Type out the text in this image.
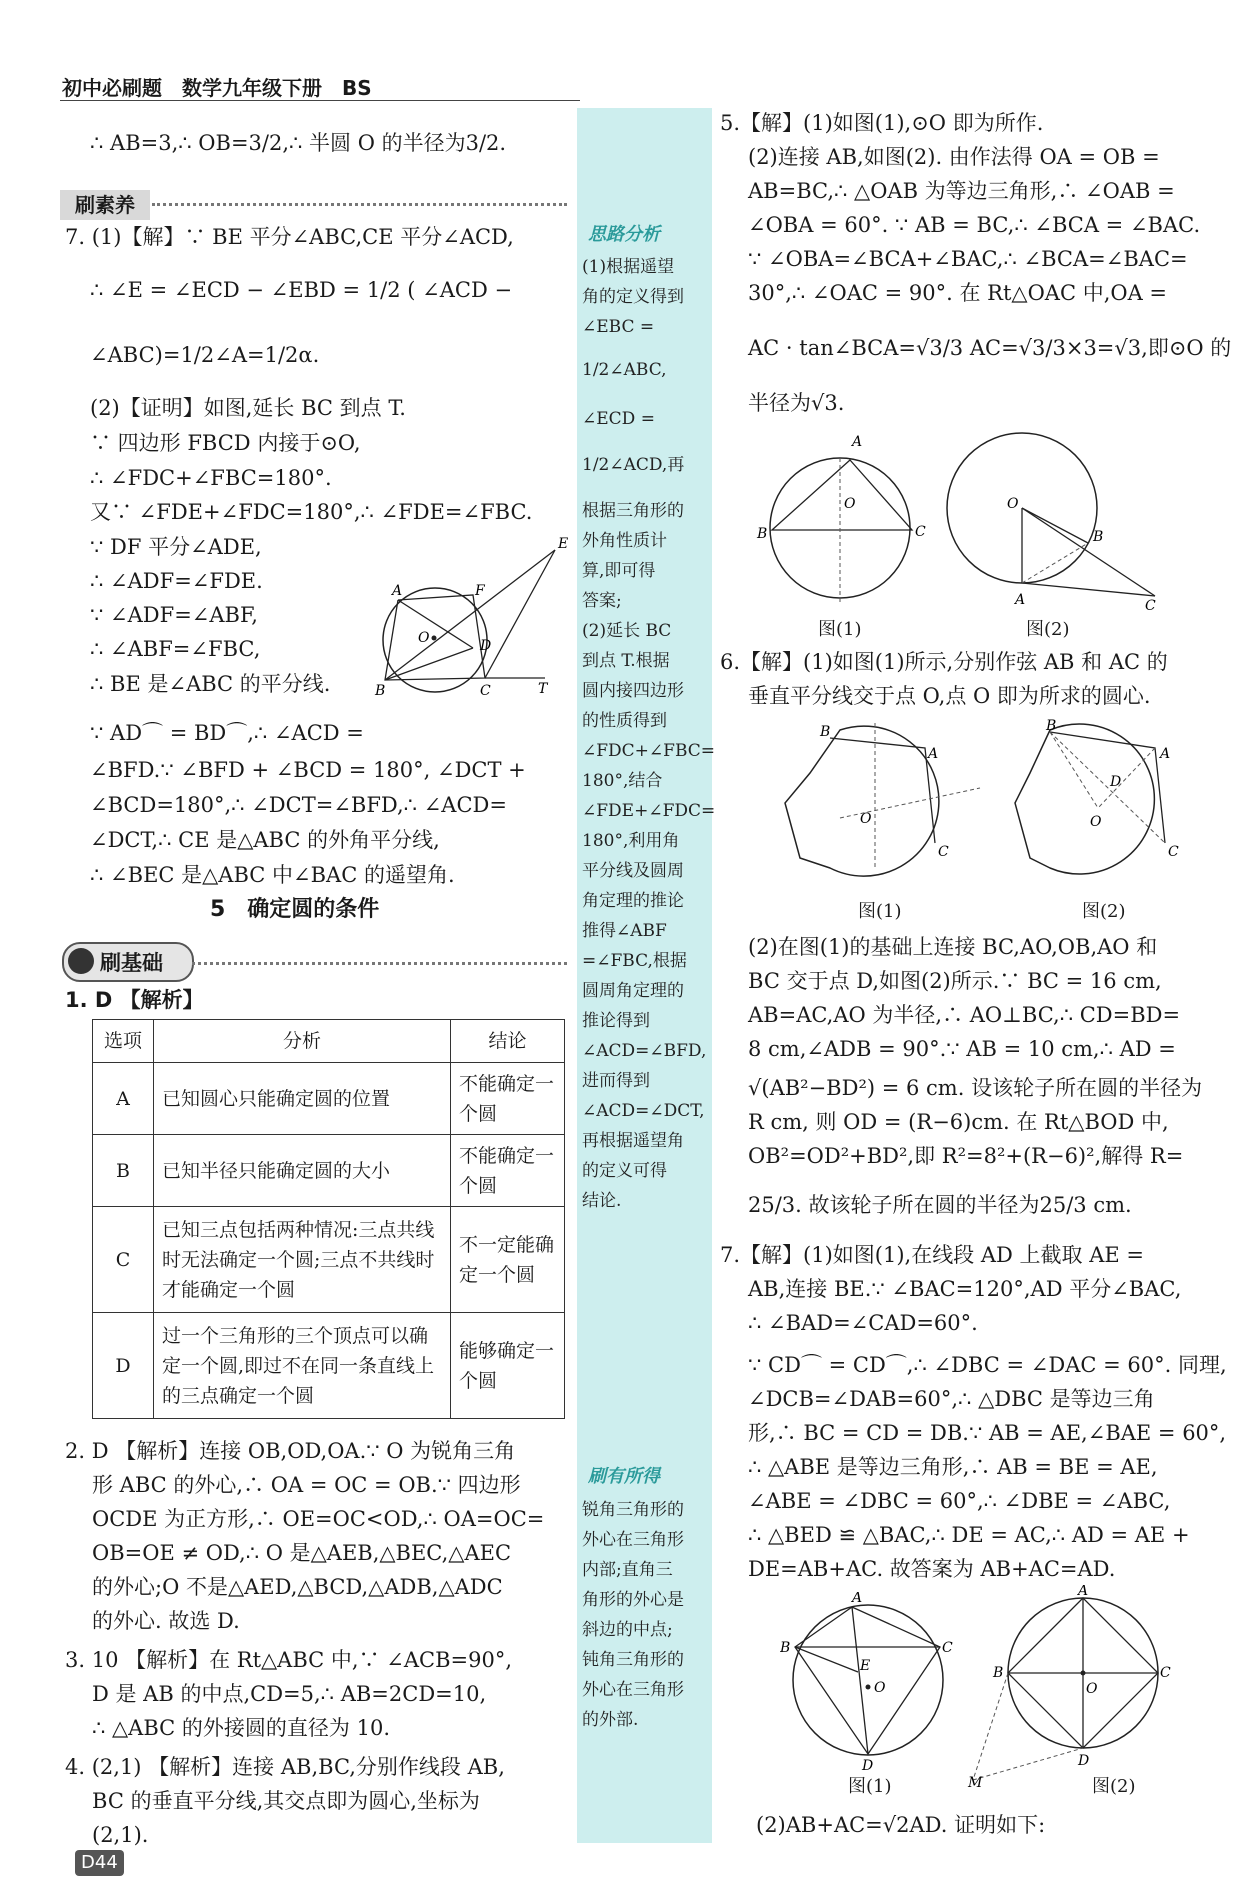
初中必刷题　数学九年级下册　BS
∴ AB=3,∴ OB=3/2,∴ 半圆 O 的半径为3/2.
刷素养
7. (1)【解】∵ BE 平分∠ABC,CE 平分∠ACD,
∴ ∠E = ∠ECD − ∠EBD = 1/2 ( ∠ACD −
∠ABC)=1/2∠A=1/2α.
(2)【证明】如图,延长 BC 到点 T.
∵ 四边形 FBCD 内接于⊙O,
∴ ∠FDC+∠FBC=180°.
又∵ ∠FDE+∠FDC=180°,∴ ∠FDE=∠FBC.
∵ DF 平分∠ADE,
∴ ∠ADF=∠FDE.
∵ ∠ADF=∠ABF,
∴ ∠ABF=∠FBC,
∴ BE 是∠ABC 的平分线.
∵ AD⌒ = BD⌒,∴ ∠ACD =
∠BFD.∵ ∠BFD + ∠BCD = 180°, ∠DCT +
∠BCD=180°,∴ ∠DCT=∠BFD,∴ ∠ACD=
∠DCT,∴ CE 是△ABC 的外角平分线,
∴ ∠BEC 是△ABC 中∠BAC 的遥望角.
A	F
E
D
O
B	C	T
5　确定圆的条件
刷基础
1. D 【解析】
选项	分析	结论
A	已知圆心只能确定圆的位置	不能确定一个圆
B	已知半径只能确定圆的大小	不能确定一个圆
C	已知三点包括两种情况:三点共线时无法确定一个圆;三点不共线时才能确定一个圆	不一定能确定一个圆
D	过一个三角形的三个顶点可以确定一个圆,即过不在同一条直线上的三点确定一个圆	能够确定一个圆
2. D 【解析】连接 OB,OD,OA.∵ O 为锐角三角
形 ABC 的外心,∴ OA = OC = OB.∵ 四边形
OCDE 为正方形,∴ OE=OC<OD,∴ OA=OC=
OB=OE ≠ OD,∴ O 是△AEB,△BEC,△AEC
的外心;O 不是△AED,△BCD,△ADB,△ADC
的外心. 故选 D.
3. 10 【解析】在 Rt△ABC 中,∵ ∠ACB=90°,
D 是 AB 的中点,CD=5,∴ AB=2CD=10,
∴ △ABC 的外接圆的直径为 10.
4. (2,1) 【解析】连接 AB,BC,分别作线段 AB,
BC 的垂直平分线,其交点即为圆心,坐标为
(2,1).
思路分析
(1)根据遥望
角的定义得到
∠EBC =
1/2∠ABC,
∠ECD =
1/2∠ACD,再
根据三角形的
外角性质计
算,即可得
答案;
(2)延长 BC
到点 T.根据
圆内接四边形
的性质得到
∠FDC+∠FBC=
180°,结合
∠FDE+∠FDC=
180°,利用角
平分线及圆周
角定理的推论
推得∠ABF
=∠FBC,根据
圆周角定理的
推论得到
∠ACD=∠BFD,
进而得到
∠ACD=∠DCT,
再根据遥望角
的定义可得
结论.
刷有所得
锐角三角形的
外心在三角形
内部;直角三
角形的外心是
斜边的中点;
钝角三角形的
外心在三角形
的外部.
5.【解】(1)如图(1),⊙O 即为所作.
(2)连接 AB,如图(2). 由作法得 OA = OB =
AB=BC,∴ △OAB 为等边三角形,∴ ∠OAB =
∠OBA = 60°. ∵ AB = BC,∴ ∠BCA = ∠BAC.
∵ ∠OBA=∠BCA+∠BAC,∴ ∠BCA=∠BAC=
30°,∴ ∠OAC = 90°. 在 Rt△OAC 中,OA =
AC · tan∠BCA=√3/3 AC=√3/3×3=√3,即⊙O 的
半径为√3.
A
B	C
O	O
B
A	C
图(1)	图(2)
6.【解】(1)如图(1)所示,分别作弦 AB 和 AC 的
垂直平分线交于点 O,点 O 即为所求的圆心.
B
A
C
O
B
A
C
D
O
图(1)	图(2)
(2)在图(1)的基础上连接 BC,AO,OB,AO 和
BC 交于点 D,如图(2)所示.∵ BC = 16 cm,
AB=AC,AO 为半径,∴ AO⊥BC,∴ CD=BD=
8 cm,∠ADB = 90°.∵ AB = 10 cm,∴ AD =
√(AB²−BD²) = 6 cm. 设该轮子所在圆的半径为
R cm, 则 OD = (R−6)cm. 在 Rt△BOD 中,
OB²=OD²+BD²,即 R²=8²+(R−6)²,解得 R=
25/3. 故该轮子所在圆的半径为25/3 cm.
7.【解】(1)如图(1),在线段 AD 上截取 AE =
AB,连接 BE.∵ ∠BAC=120°,AD 平分∠BAC,
∴ ∠BAD=∠CAD=60°.
∵ CD⌒ = CD⌒,∴ ∠DBC = ∠DAC = 60°. 同理,
∠DCB=∠DAB=60°,∴ △DBC 是等边三角
形,∴ BC = CD = DB.∵ AB = AE,∠BAE = 60°,
∴ △ABE 是等边三角形,∴ AB = BE = AE,
∠ABE = ∠DBC = 60°,∴ ∠DBE = ∠ABC,
∴ △BED ≌ △BAC,∴ DE = AC,∴ AD = AE +
DE=AB+AC. 故答案为 AB+AC=AD.
A
B	C
E
O
D
A
B	C
O
D
M
图(1)	图(2)
(2)AB+AC=√2AD. 证明如下:
D44
